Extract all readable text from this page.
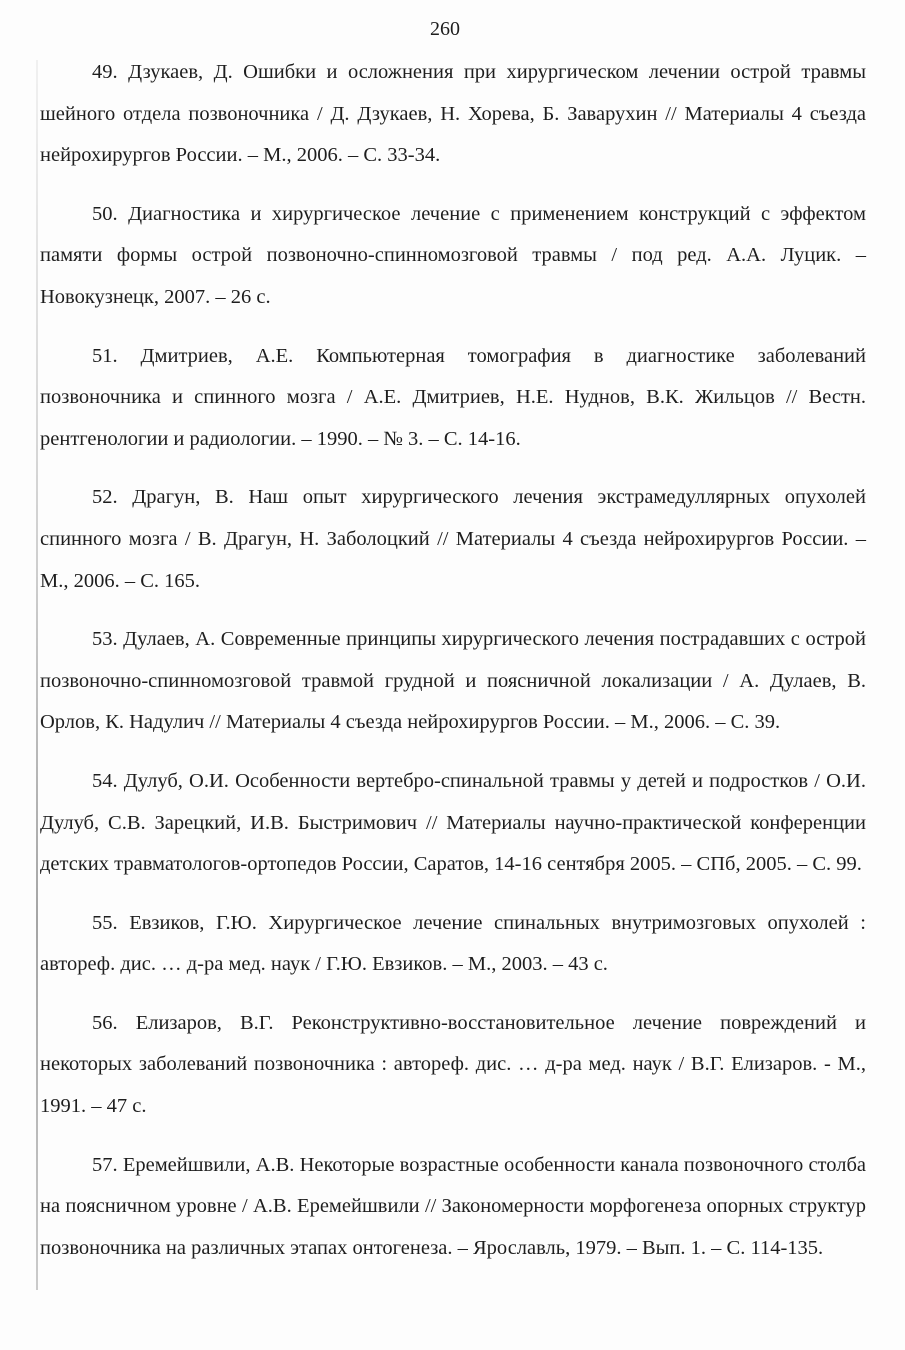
260

49. Дзукаев, Д. Ошибки и осложнения при хирургическом лечении острой травмы шейного отдела позвоночника / Д. Дзукаев, Н. Хорева, Б. Заварухин // Материалы 4 съезда нейрохирургов России. – М., 2006. – С. 33-34.

50. Диагностика и хирургическое лечение с применением конструкций с эффектом памяти формы острой позвоночно-спинномозговой травмы / под ред. А.А. Луцик. – Новокузнецк, 2007. – 26 с.

51. Дмитриев, А.Е. Компьютерная томография в диагностике заболеваний позвоночника и спинного мозга / А.Е. Дмитриев, Н.Е. Нуднов, В.К. Жильцов // Вестн. рентгенологии и радиологии. – 1990. – № 3. – С. 14-16.

52. Драгун, В. Наш опыт хирургического лечения экстрамедуллярных опухолей спинного мозга / В. Драгун, Н. Заболоцкий // Материалы 4 съезда нейрохирургов России. – М., 2006. – С. 165.

53. Дулаев, А. Современные принципы хирургического лечения пострадавших с острой позвоночно-спинномозговой травмой грудной и поясничной локализации / А. Дулаев, В. Орлов, К. Надулич // Материалы 4 съезда нейрохирургов России. – М., 2006. – С. 39.

54. Дулуб, О.И. Особенности вертебро-спинальной травмы у детей и подростков / О.И. Дулуб, С.В. Зарецкий, И.В. Быстримович // Материалы научно-практической конференции детских травматологов-ортопедов России, Саратов, 14-16 сентября 2005. – СПб, 2005. – С. 99.

55. Евзиков, Г.Ю. Хирургическое лечение спинальных внутримозговых опухолей : автореф. дис. … д-ра мед. наук / Г.Ю. Евзиков. – М., 2003. – 43 с.

56. Елизаров, В.Г. Реконструктивно-восстановительное лечение повреждений и некоторых заболеваний позвоночника : автореф. дис. … д-ра мед. наук / В.Г. Елизаров. - М., 1991. – 47 с.

57. Еремейшвили, А.В. Некоторые возрастные особенности канала позвоночного столба на поясничном уровне / А.В. Еремейшвили // Закономерности морфогенеза опорных структур позвоночника на различных этапах онтогенеза. – Ярославль, 1979. – Вып. 1. – С. 114-135.
